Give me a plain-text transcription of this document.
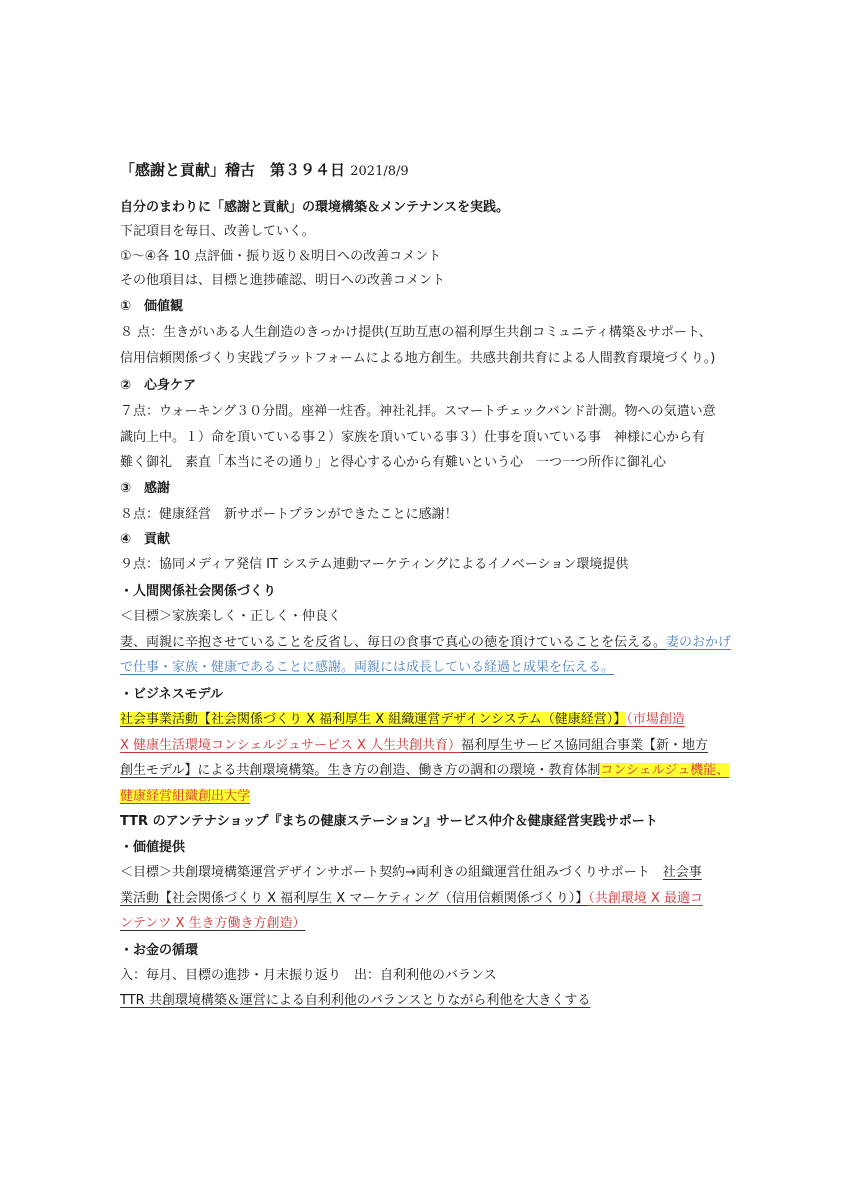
「感謝と貢献」稽古　第３９４日 2021/8/9
自分のまわりに「感謝と貢献」の環境構築＆メンテナンスを実践。
下記項目を毎日、改善していく。
①～④各 10 点評価・振り返り＆明日への改善コメント
その他項目は、目標と進捗確認、明日への改善コメント
①　価値観
８ 点：生きがいある人生創造のきっかけ提供(互助互恵の福利厚生共創コミュニティ構築＆サポート、
信用信頼関係づくり実践プラットフォームによる地方創生。共感共創共育による人間教育環境づくり。)
②　心身ケア
７点：ウォーキング３０分間。座禅一炷香。神社礼拝。スマートチェックバンド計測。物への気遣い意
識向上中。１）命を頂いている事２）家族を頂いている事３）仕事を頂いている事　神様に心から有
難く御礼　素直「本当にその通り」と得心する心から有難いという心　一つ一つ所作に御礼心
③　感謝
８点：健康経営　新サポートプランができたことに感謝！
④　貢献
９点：協同メディア発信 IT システム連動マーケティングによるイノベーション環境提供
・人間関係社会関係づくり
＜目標＞家族楽しく・正しく・仲良く
妻、両親に辛抱させていることを反省し、毎日の食事で真心の徳を頂けていることを伝える。妻のおかげ
で仕事・家族・健康であることに感謝。両親には成長している経過と成果を伝える。
・ビジネスモデル
社会事業活動【社会関係づくり X 福利厚生 X 組織運営デザインシステム（健康経営）】（市場創造
X 健康生活環境コンシェルジュサービス X 人生共創共育）福利厚生サービス協同組合事業【新・地方
創生モデル】による共創環境構築。生き方の創造、働き方の調和の環境・教育体制コンシェルジュ機能、
健康経営組織創出大学
TTR のアンテナショップ『まちの健康ステーション』サービス仲介＆健康経営実践サポート
・価値提供
＜目標＞共創環境構築運営デザインサポート契約→両利きの組織運営仕組みづくりサポート　社会事
業活動【社会関係づくり X 福利厚生 X マーケティング（信用信頼関係づくり）】（共創環境 X 最適コ
ンテンツ X 生き方働き方創造）
・お金の循環
入：毎月、目標の進捗・月末振り返り　出：自利利他のバランス
TTR 共創環境構築＆運営による自利利他のバランスとりながら利他を大きくする
